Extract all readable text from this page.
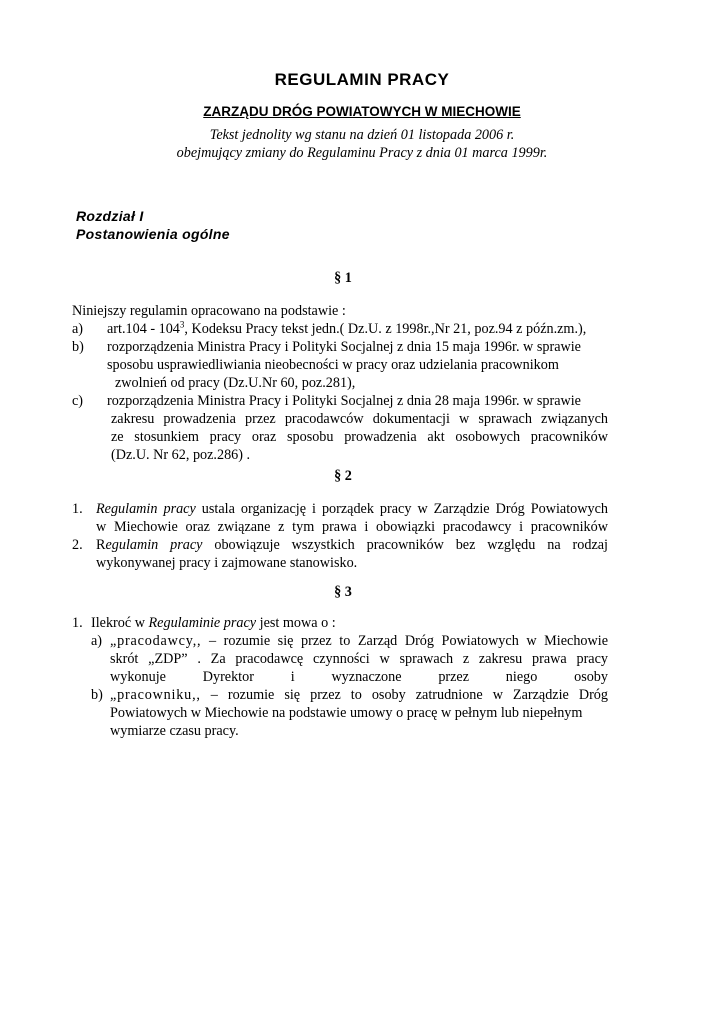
REGULAMIN PRACY
ZARZĄDU DRÓG POWIATOWYCH W MIECHOWIE
Tekst jednolity wg stanu na dzień 01 listopada 2006 r.
obejmujący zmiany do Regulaminu Pracy z dnia 01 marca 1999r.
Rozdział I
Postanowienia ogólne
§ 1
Niniejszy regulamin opracowano na podstawie :
a) $art.104 - 104^3$, Kodeksu Pracy tekst jedn.( Dz.U. z 1998r.,Nr 21, poz.94 z późn.zm.),
b) rozporządzenia Ministra Pracy i Polityki Socjalnej z dnia 15 maja 1996r. w sprawie
sposobu usprawiedliwiania nieobecności w pracy oraz udzielania pracownikom
zwolnień od pracy (Dz.U.Nr 60, poz.281),
c) rozporządzenia Ministra Pracy i Polityki Socjalnej z dnia 28 maja 1996r. w sprawie
zakresu prowadzenia przez pracodawców dokumentacji w sprawach związanych
ze stosunkiem pracy oraz sposobu prowadzenia akt osobowych pracowników
(Dz.U. Nr 62, poz.286) .
§ 2
1. Regulamin pracy ustala organizację i porządek pracy w Zarządzie Dróg Powiatowych
w Miechowie oraz związane z tym prawa i obowiązki pracodawcy i pracowników
2. Regulamin pracy obowiązuje wszystkich pracowników bez względu na rodzaj
wykonywanej pracy i zajmowane stanowisko.
§ 3
1. Ilekroć w Regulaminie pracy jest mowa o :
a) „pracodawcy,, – rozumie się przez to Zarząd Dróg Powiatowych w Miechowie
skrót „ZDP” . Za pracodawcę czynności w sprawach z zakresu prawa pracy
wykonuje Dyrektor i wyznaczone przez niego osoby
b) „pracowniku,, – rozumie się przez to osoby zatrudnione w Zarządzie Dróg
Powiatowych w Miechowie na podstawie umowy o pracę w pełnym lub niepełnym
wymiarze czasu pracy.
